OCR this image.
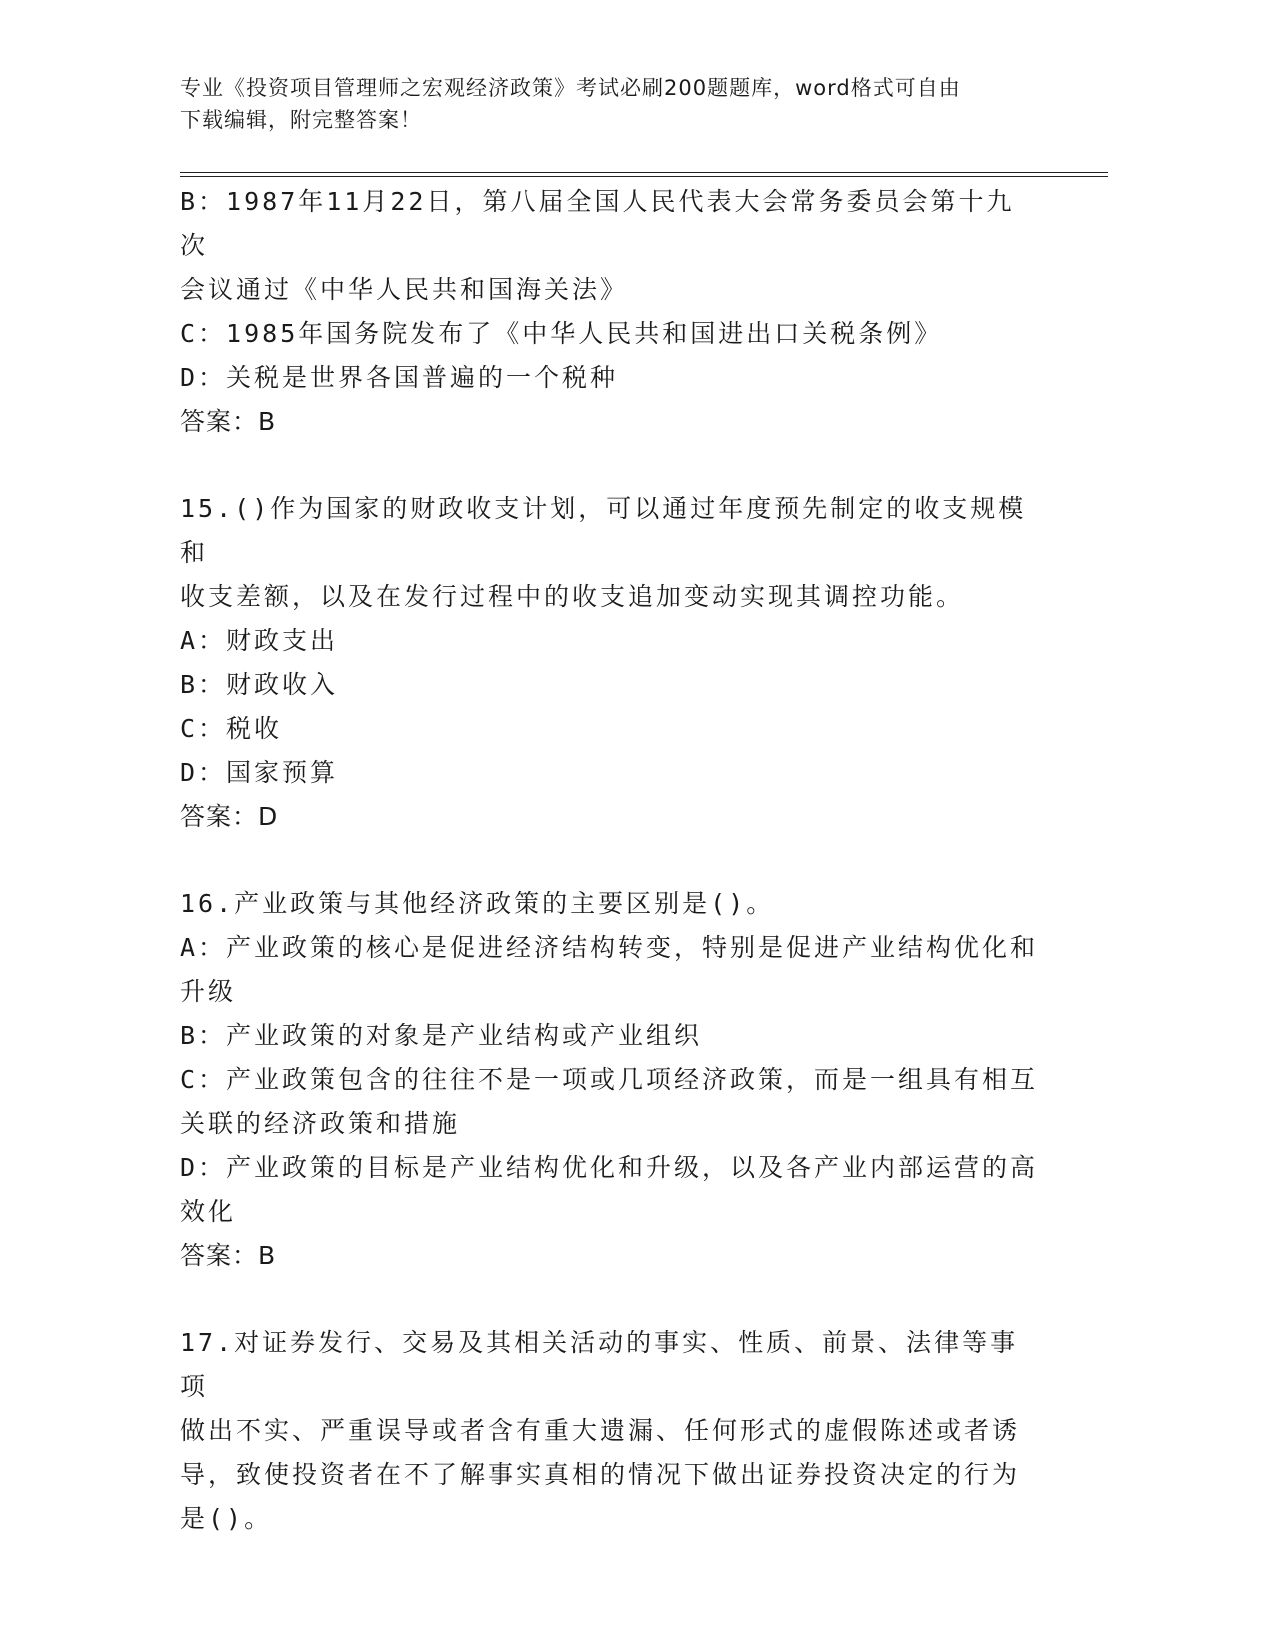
专业《投资项目管理师之宏观经济政策》考试必刷200题题库，word格式可自由
下载编辑，附完整答案！

B：1987年11月22日，第八届全国人民代表大会常务委员会第十九次

会议通过《中华人民共和国海关法》

C：1985年国务院发布了《中华人民共和国进出口关税条例》

D：关税是世界各国普遍的一个税种

答案：B

15.()作为国家的财政收支计划，可以通过年度预先制定的收支规模和

收支差额，以及在发行过程中的收支追加变动实现其调控功能。

A：财政支出

B：财政收入

C：税收

D：国家预算

答案：D

16.产业政策与其他经济政策的主要区别是()。

A：产业政策的核心是促进经济结构转变，特别是促进产业结构优化和

升级

B：产业政策的对象是产业结构或产业组织

C：产业政策包含的往往不是一项或几项经济政策，而是一组具有相互

关联的经济政策和措施

D：产业政策的目标是产业结构优化和升级，以及各产业内部运营的高

效化

答案：B

17.对证券发行、交易及其相关活动的事实、性质、前景、法律等事项

做出不实、严重误导或者含有重大遗漏、任何形式的虚假陈述或者诱

导，致使投资者在不了解事实真相的情况下做出证券投资决定的行为

是()。
